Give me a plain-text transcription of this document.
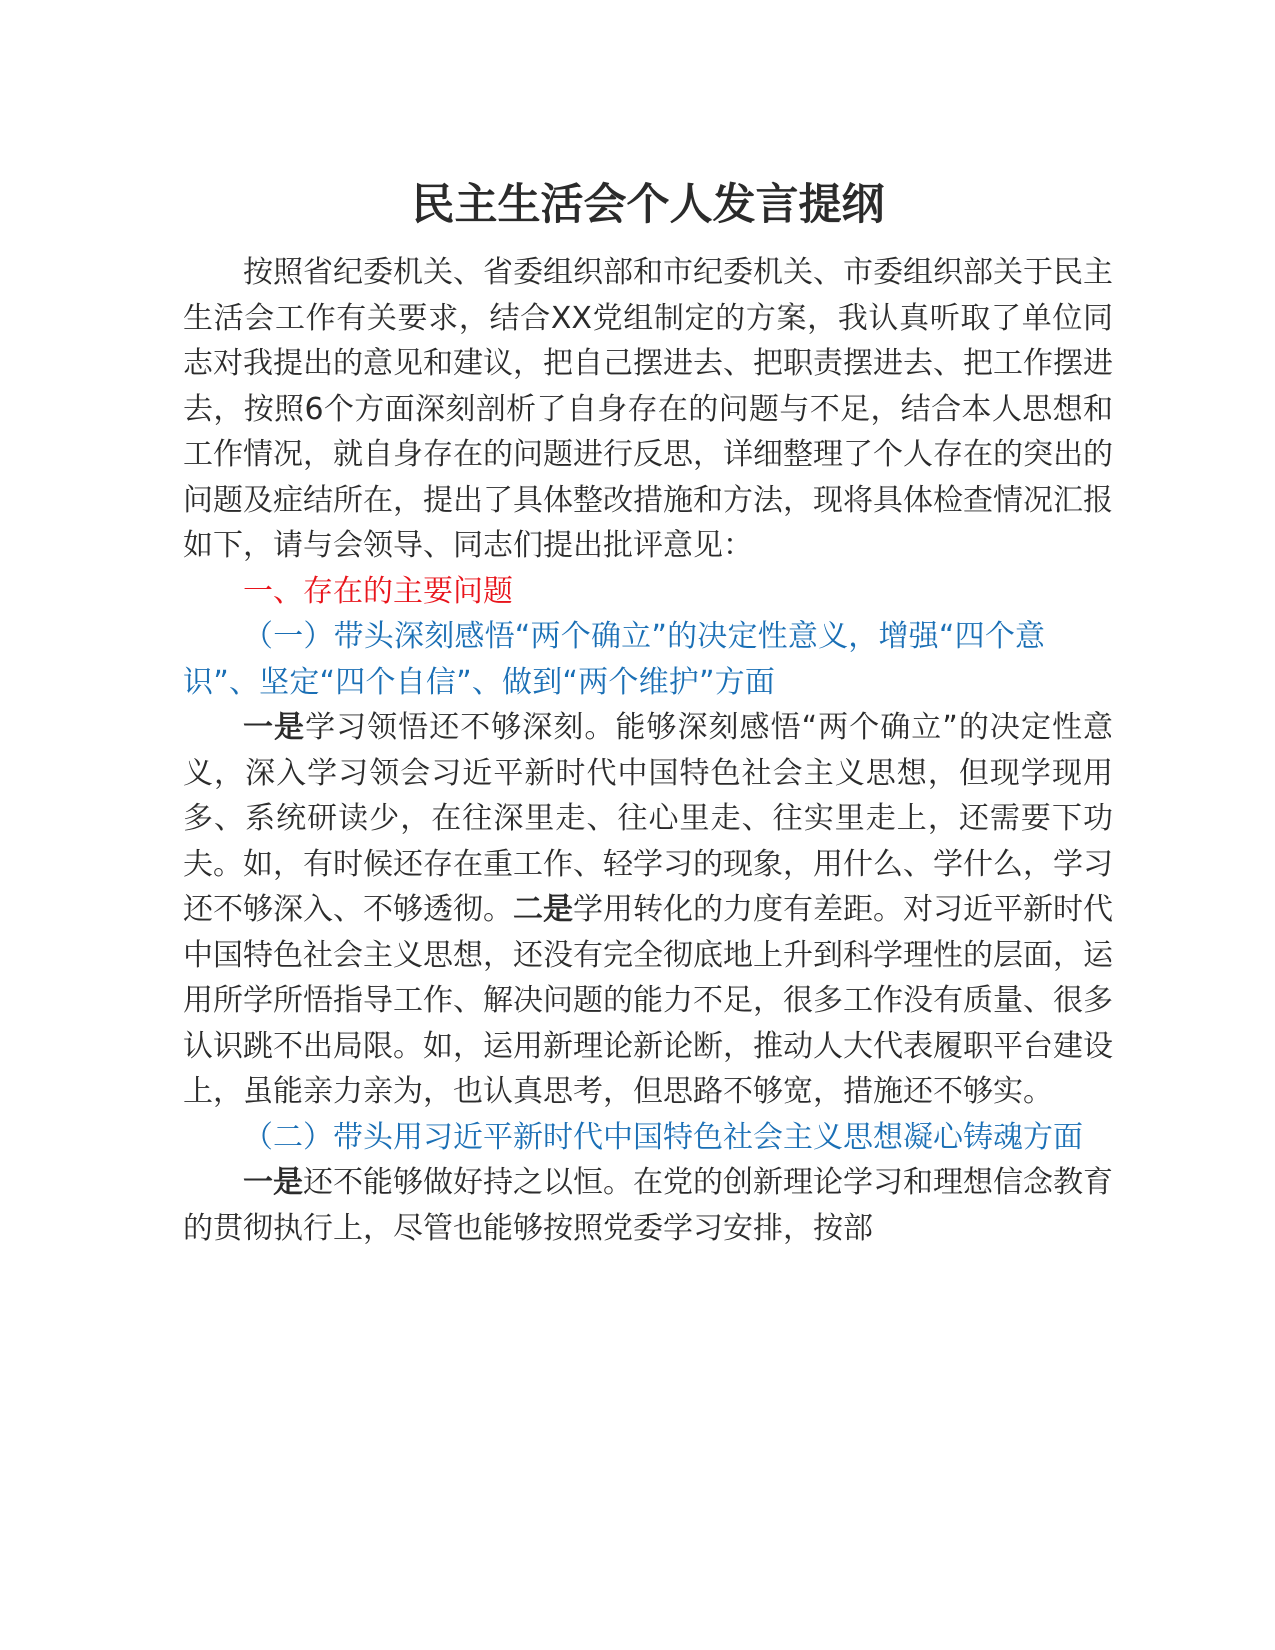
民主生活会个人发言提纲

按照省纪委机关、省委组织部和市纪委机关、市委组织部关于民主生活会工作有关要求，结合XX党组制定的方案，我认真听取了单位同志对我提出的意见和建议，把自己摆进去、把职责摆进去、把工作摆进去，按照6个方面深刻剖析了自身存在的问题与不足，结合本人思想和工作情况，就自身存在的问题进行反思，详细整理了个人存在的突出的问题及症结所在，提出了具体整改措施和方法，现将具体检查情况汇报如下，请与会领导、同志们提出批评意见：

一、存在的主要问题

（一）带头深刻感悟“两个确立”的决定性意义，增强“四个意识”、坚定“四个自信”、做到“两个维护”方面

一是学习领悟还不够深刻。能够深刻感悟“两个确立”的决定性意义，深入学习领会习近平新时代中国特色社会主义思想，但现学现用多、系统研读少，在往深里走、往心里走、往实里走上，还需要下功夫。如，有时候还存在重工作、轻学习的现象，用什么、学什么，学习还不够深入、不够透彻。二是学用转化的力度有差距。对习近平新时代中国特色社会主义思想，还没有完全彻底地上升到科学理性的层面，运用所学所悟指导工作、解决问题的能力不足，很多工作没有质量、很多认识跳不出局限。如，运用新理论新论断，推动人大代表履职平台建设上，虽能亲力亲为，也认真思考，但思路不够宽，措施还不够实。

（二）带头用习近平新时代中国特色社会主义思想凝心铸魂方面

一是还不能够做好持之以恒。在党的创新理论学习和理想信念教育的贯彻执行上，尽管也能够按照党委学习安排，按部
